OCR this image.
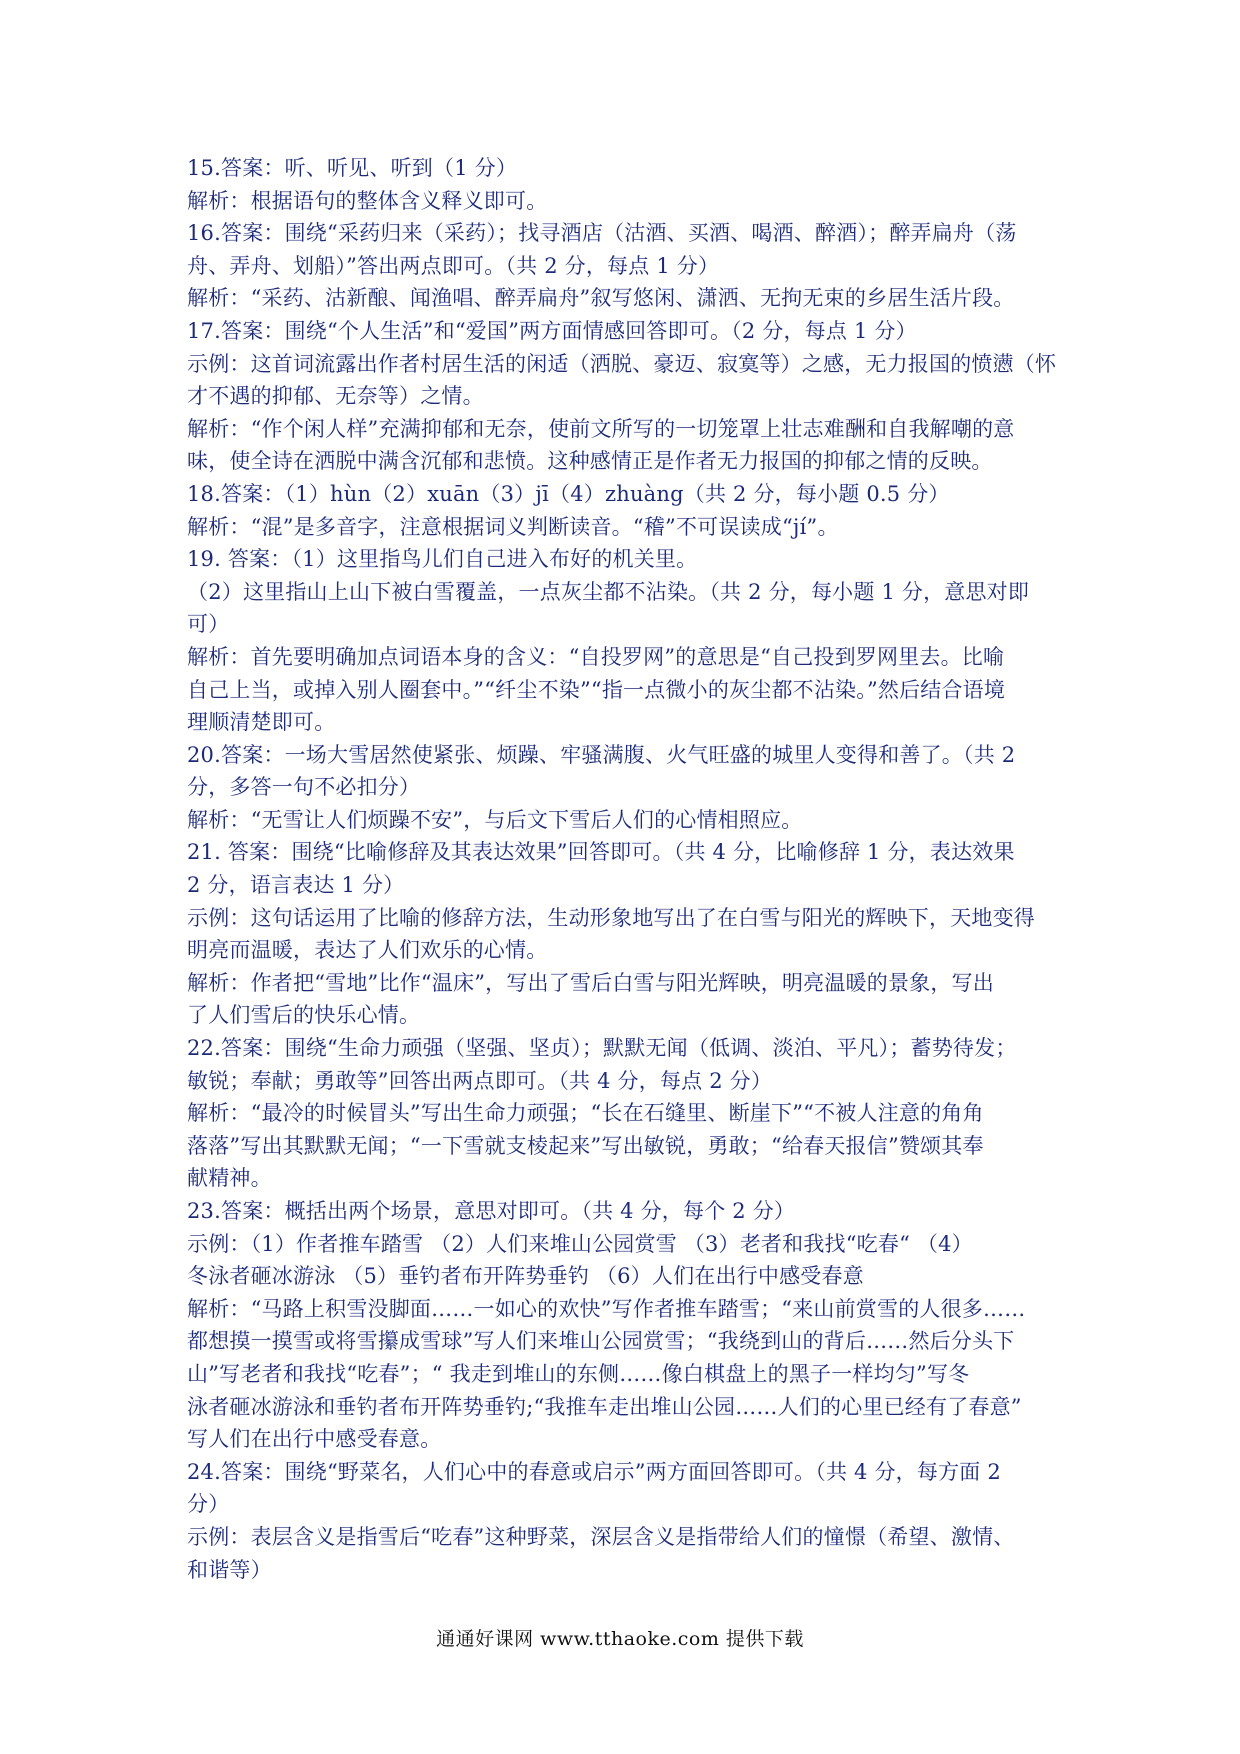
15.答案：听、听见、听到（1 分）
解析：根据语句的整体含义释义即可。
16.答案：围绕“采药归来（采药）；找寻酒店（沽酒、买酒、喝酒、醉酒）；醉弄扁舟（荡
舟、弄舟、划船）”答出两点即可。（共 2 分，每点 1 分）
解析：“采药、沽新酿、闻渔唱、醉弄扁舟”叙写悠闲、潇洒、无拘无束的乡居生活片段。
17.答案：围绕“个人生活”和“爱国”两方面情感回答即可。（2 分，每点 1 分）
示例：这首词流露出作者村居生活的闲适（洒脱、豪迈、寂寞等）之感，无力报国的愤懑（怀
才不遇的抑郁、无奈等）之情。
解析：“作个闲人样”充满抑郁和无奈，使前文所写的一切笼罩上壮志难酬和自我解嘲的意
味，使全诗在洒脱中满含沉郁和悲愤。这种感情正是作者无力报国的抑郁之情的反映。
18.答案：（1）hùn（2）xuān（3）jī（4）zhuàng（共 2 分，每小题 0.5 分）
解析：“混”是多音字，注意根据词义判断读音。“稽”不可误读成“jí”。
19. 答案：（1）这里指鸟儿们自己进入布好的机关里。
（2）这里指山上山下被白雪覆盖，一点灰尘都不沾染。（共 2 分，每小题 1 分，意思对即
可）
解析：首先要明确加点词语本身的含义：“自投罗网”的意思是“自己投到罗网里去。比喻
自己上当，或掉入别人圈套中。”“纤尘不染”“指一点微小的灰尘都不沾染。”然后结合语境
理顺清楚即可。
20.答案：一场大雪居然使紧张、烦躁、牢骚满腹、火气旺盛的城里人变得和善了。（共 2
分，多答一句不必扣分）
解析：“无雪让人们烦躁不安”，与后文下雪后人们的心情相照应。
21. 答案：围绕“比喻修辞及其表达效果”回答即可。（共 4 分，比喻修辞 1 分，表达效果
2 分，语言表达 1 分）
示例：这句话运用了比喻的修辞方法，生动形象地写出了在白雪与阳光的辉映下，天地变得
明亮而温暖，表达了人们欢乐的心情。
解析：作者把“雪地”比作“温床”，写出了雪后白雪与阳光辉映，明亮温暖的景象，写出
了人们雪后的快乐心情。
22.答案：围绕“生命力顽强（坚强、坚贞）；默默无闻（低调、淡泊、平凡）；蓄势待发；
敏锐；奉献；勇敢等”回答出两点即可。（共 4 分，每点 2 分）
解析：“最冷的时候冒头”写出生命力顽强；“长在石缝里、断崖下”“不被人注意的角角
落落”写出其默默无闻；“一下雪就支棱起来”写出敏锐，勇敢；“给春天报信”赞颂其奉
献精神。
23.答案：概括出两个场景，意思对即可。（共 4 分，每个 2 分）
示例：（1）作者推车踏雪 （2）人们来堆山公园赏雪 （3）老者和我找“吃春“ （4）
冬泳者砸冰游泳 （5）垂钓者布开阵势垂钓 （6）人们在出行中感受春意
解析：“马路上积雪没脚面……一如心的欢快”写作者推车踏雪；“来山前赏雪的人很多……
都想摸一摸雪或将雪攥成雪球”写人们来堆山公园赏雪；“我绕到山的背后……然后分头下
山”写老者和我找“吃春”；“ 我走到堆山的东侧……像白棋盘上的黑子一样均匀”写冬
泳者砸冰游泳和垂钓者布开阵势垂钓;“我推车走出堆山公园……人们的心里已经有了春意”
写人们在出行中感受春意。
24.答案：围绕“野菜名，人们心中的春意或启示”两方面回答即可。（共 4 分，每方面 2
分）
示例：表层含义是指雪后“吃春”这种野菜，深层含义是指带给人们的憧憬（希望、激情、
和谐等）
通通好课网 www.tthaoke.com 提供下载
